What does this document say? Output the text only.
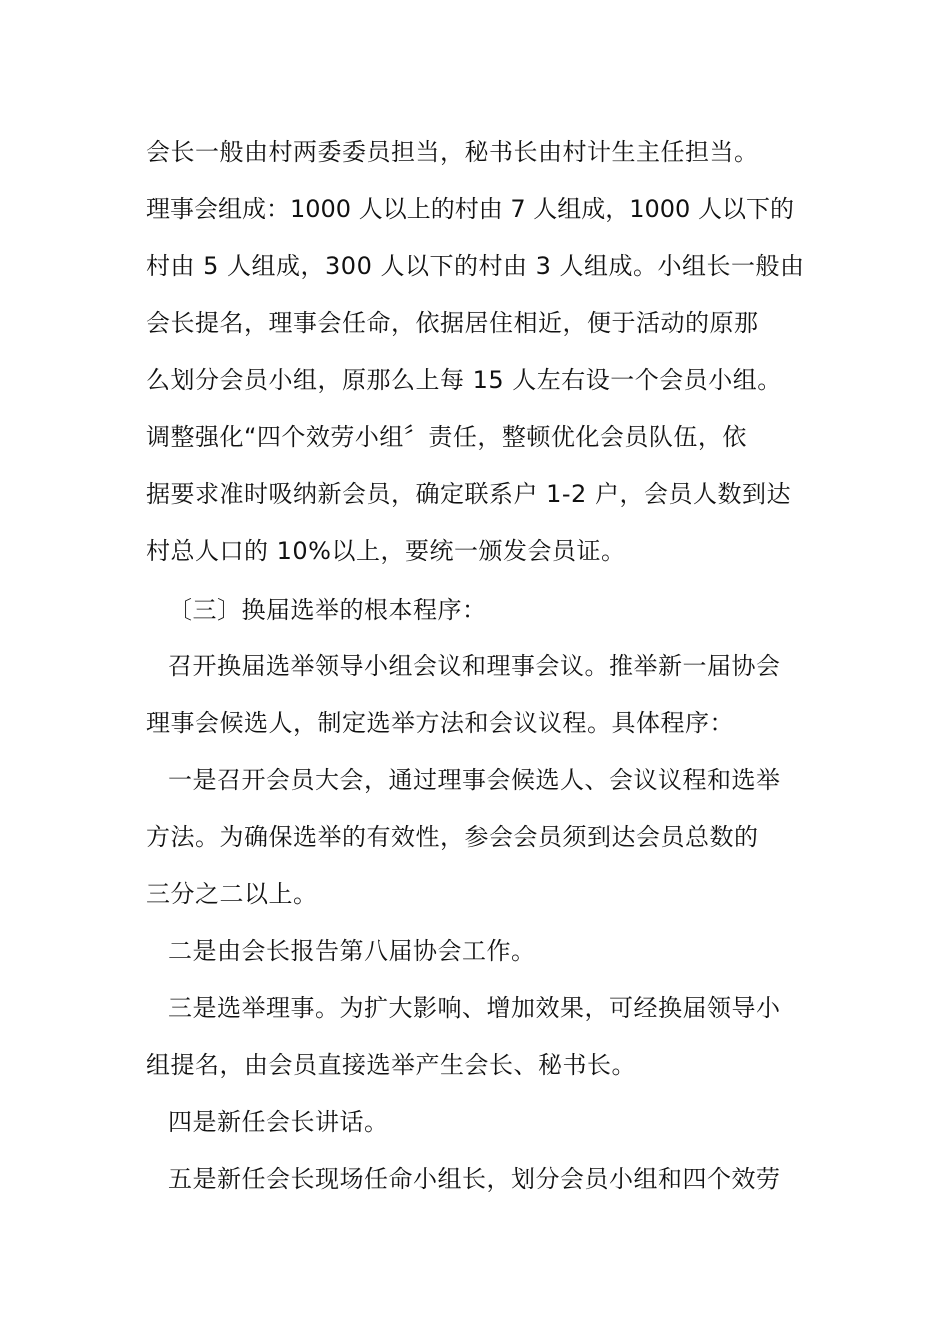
会长一般由村两委委员担当，秘书长由村计生主任担当。
理事会组成：1000 人以上的村由 7 人组成，1000 人以下的
村由 5 人组成，300 人以下的村由 3 人组成。小组长一般由
会长提名，理事会任命，依据居住相近，便于活动的原那
么划分会员小组，原那么上每 15 人左右设一个会员小组。
调整强化“四个效劳小组〞责任，整顿优化会员队伍，依
据要求准时吸纳新会员，确定联系户 1-2 户，会员人数到达
村总人口的 10%以上，要统一颁发会员证。
〔三〕换届选举的根本程序：
召开换届选举领导小组会议和理事会议。推举新一届协会
理事会候选人，制定选举方法和会议议程。具体程序：
一是召开会员大会，通过理事会候选人、会议议程和选举
方法。为确保选举的有效性，参会会员须到达会员总数的
三分之二以上。
二是由会长报告第八届协会工作。
三是选举理事。为扩大影响、增加效果，可经换届领导小
组提名，由会员直接选举产生会长、秘书长。
四是新任会长讲话。
五是新任会长现场任命小组长，划分会员小组和四个效劳
